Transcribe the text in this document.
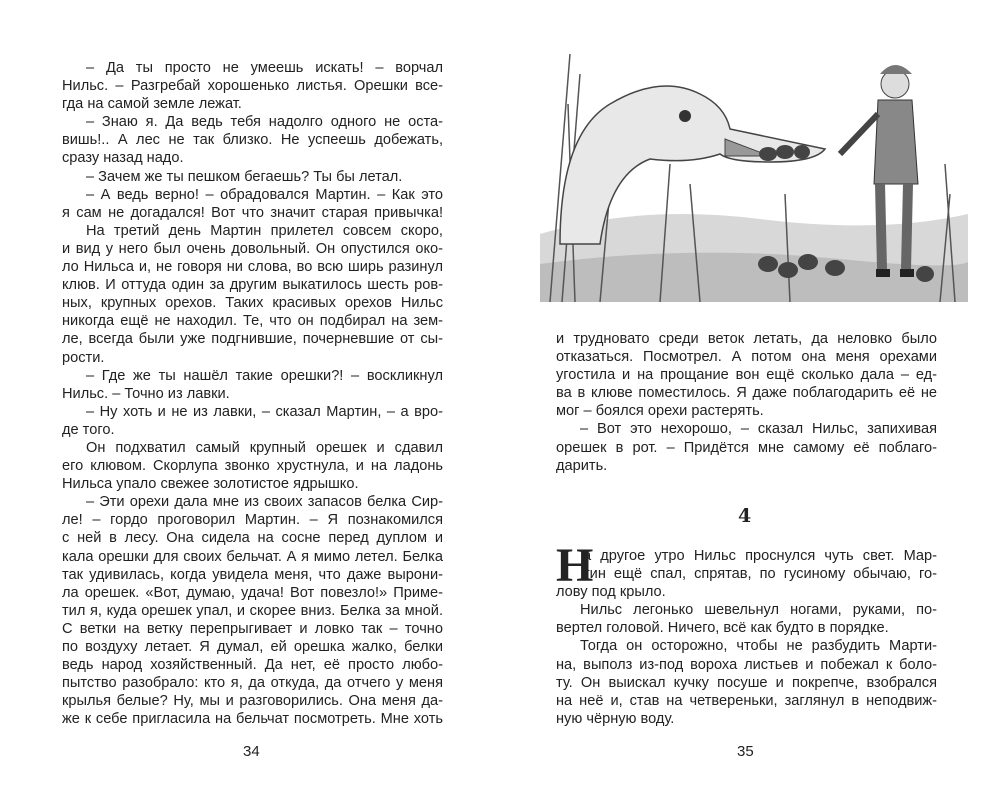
– Да ты просто не умеешь искать! – ворчал
Нильс. – Разгребай хорошенько листья. Орешки все-
гда на самой земле лежат.
– Знаю я. Да ведь тебя надолго одного не оста-
вишь!.. А лес не так близко. Не успеешь добежать,
сразу назад надо.
– Зачем же ты пешком бегаешь? Ты бы летал.
– А ведь верно! – обрадовался Мартин. – Как это
я сам не догадался! Вот что значит старая привычка!
На третий день Мартин прилетел совсем скоро,
и вид у него был очень довольный. Он опустился око-
ло Нильса и, не говоря ни слова, во всю ширь разинул
клюв. И оттуда один за другим выкатилось шесть ров-
ных, крупных орехов. Таких красивых орехов Нильс
никогда ещё не находил. Те, что он подбирал на зем-
ле, всегда были уже подгнившие, почерневшие от сы-
рости.
– Где же ты нашёл такие орешки?! – воскликнул
Нильс. – Точно из лавки.
– Ну хоть и не из лавки, – сказал Мартин, – а вро-
де того.
Он подхватил самый крупный орешек и сдавил
его клювом. Скорлупа звонко хрустнула, и на ладонь
Нильса упало свежее золотистое ядрышко.
– Эти орехи дала мне из своих запасов белка Сир-
ле! – гордо проговорил Мартин. – Я познакомился
с ней в лесу. Она сидела на сосне перед дуплом и
кала орешки для своих бельчат. А я мимо летел. Белка
так удивилась, когда увидела меня, что даже вырони-
ла орешек. «Вот, думаю, удача! Вот повезло!» Приме-
тил я, куда орешек упал, и скорее вниз. Белка за мной.
С ветки на ветку перепрыгивает и ловко так – точно
по воздуху летает. Я думал, ей орешка жалко, белки
ведь народ хозяйственный. Да нет, её просто любо-
пытство разобрало: кто я, да откуда, да отчего у меня
крылья белые? Ну, мы и разговорились. Она меня да-
же к себе пригласила на бельчат посмотреть. Мне хоть
34
и трудновато среди веток летать, да неловко было
отказаться. Посмотрел. А потом она меня орехами
угостила и на прощание вон ещё сколько дала – ед-
ва в клюве поместилось. Я даже поблагодарить её не
мог – боялся орехи растерять.
– Вот это нехорошо, – сказал Нильс, запихивая
орешек в рот. – Придётся мне самому её поблаго-
дарить.
4
Н
а другое утро Нильс проснулся чуть свет. Мар-
тин ещё спал, спрятав, по гусиному обычаю, го-
лову под крыло.
Нильс легонько шевельнул ногами, руками, по-
вертел головой. Ничего, всё как будто в порядке.
Тогда он осторожно, чтобы не разбудить Марти-
на, выполз из-под вороха листьев и побежал к боло-
ту. Он выискал кучку посуше и покрепче, взобрался
на неё и, став на четвереньки, заглянул в неподвиж-
ную чёрную воду.
35
